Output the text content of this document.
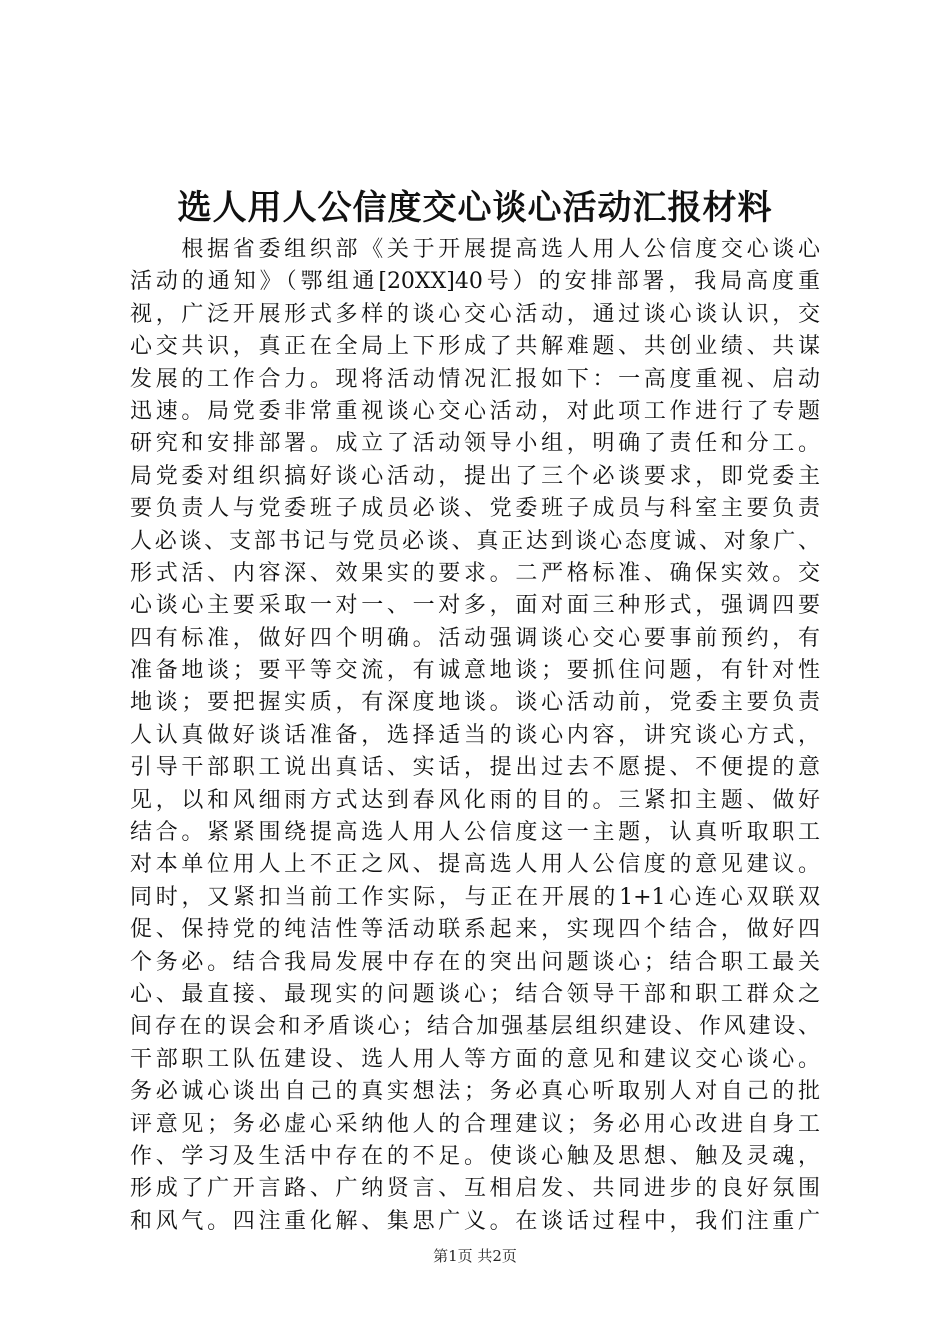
选人用人公信度交心谈心活动汇报材料
　　根据省委组织部《关于开展提高选人用人公信度交心谈心
活动的通知》（鄂组通[20XX]40号）的安排部署，我局高度重
视，广泛开展形式多样的谈心交心活动，通过谈心谈认识，交
心交共识，真正在全局上下形成了共解难题、共创业绩、共谋
发展的工作合力。现将活动情况汇报如下：一高度重视、启动
迅速。局党委非常重视谈心交心活动，对此项工作进行了专题
研究和安排部署。成立了活动领导小组，明确了责任和分工。
局党委对组织搞好谈心活动，提出了三个必谈要求，即党委主
要负责人与党委班子成员必谈、党委班子成员与科室主要负责
人必谈、支部书记与党员必谈、真正达到谈心态度诚、对象广、
形式活、内容深、效果实的要求。二严格标准、确保实效。交
心谈心主要采取一对一、一对多，面对面三种形式，强调四要
四有标准，做好四个明确。活动强调谈心交心要事前预约，有
准备地谈；要平等交流，有诚意地谈；要抓住问题，有针对性
地谈；要把握实质，有深度地谈。谈心活动前，党委主要负责
人认真做好谈话准备，选择适当的谈心内容，讲究谈心方式，
引导干部职工说出真话、实话，提出过去不愿提、不便提的意
见，以和风细雨方式达到春风化雨的目的。三紧扣主题、做好
结合。紧紧围绕提高选人用人公信度这一主题，认真听取职工
对本单位用人上不正之风、提高选人用人公信度的意见建议。
同时，又紧扣当前工作实际，与正在开展的1+1心连心双联双
促、保持党的纯洁性等活动联系起来，实现四个结合，做好四
个务必。结合我局发展中存在的突出问题谈心；结合职工最关
心、最直接、最现实的问题谈心；结合领导干部和职工群众之
间存在的误会和矛盾谈心；结合加强基层组织建设、作风建设、
干部职工队伍建设、选人用人等方面的意见和建议交心谈心。
务必诚心谈出自己的真实想法；务必真心听取别人对自己的批
评意见；务必虚心采纳他人的合理建议；务必用心改进自身工
作、学习及生活中存在的不足。使谈心触及思想、触及灵魂，
形成了广开言路、广纳贤言、互相启发、共同进步的良好氛围
和风气。四注重化解、集思广义。在谈话过程中，我们注重广
第1页 共2页
